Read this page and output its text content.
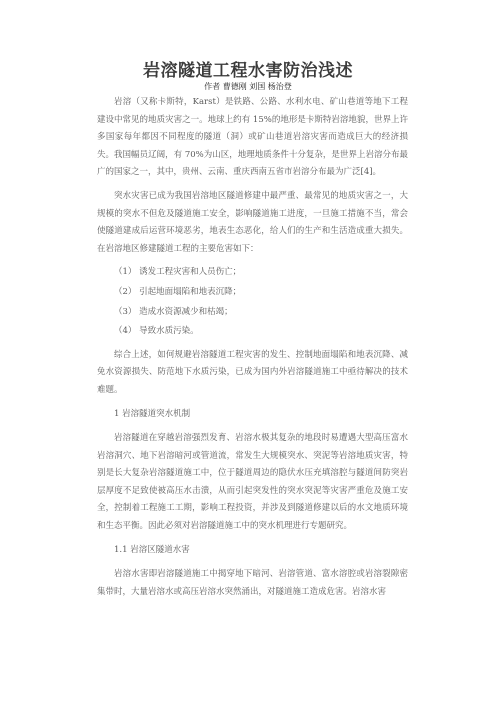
岩溶隧道工程水害防治浅述
作者 曹德刚 刘国 杨治登

岩溶（又称卡斯特，Karst）是铁路、公路、水利水电、矿山巷道等地下工程建设中常见的地质灾害之一。地球上约有 15%的地形是卡斯特岩溶地貌，世界上许多国家每年都因不同程度的隧道（洞）或矿山巷道岩溶灾害而造成巨大的经济损失。我国幅员辽阔，有 70%为山区，地理地质条件十分复杂，是世界上岩溶分布最广的国家之一，其中，贵州、云南、重庆西南五省市岩溶分布最为广泛[4]。

突水灾害已成为我国岩溶地区隧道修建中最严重、最常见的地质灾害之一，大规模的突水不但危及隧道施工安全，影响隧道施工进度，一旦施工措施不当，常会使隧道建成后运营环境恶劣，地表生态恶化，给人们的生产和生活造成重大损失。在岩溶地区修建隧道工程的主要危害如下：

（1） 诱发工程灾害和人员伤亡；

（2） 引起地面塌陷和地表沉降；

（3） 造成水资源减少和枯竭；

（4） 导致水质污染。

综合上述，如何规避岩溶隧道工程灾害的发生、控制地面塌陷和地表沉降、减免水资源损失、防范地下水质污染，已成为国内外岩溶隧道施工中亟待解决的技术难题。

1 岩溶隧道突水机制

岩溶隧道在穿越岩溶强烈发育、岩溶水极其复杂的地段时易遭遇大型高压富水岩溶洞穴、地下岩溶暗河或管道流，常发生大规模突水、突泥等岩溶地质灾害，特别是长大复杂岩溶隧道施工中，位于隧道周边的隐伏水压充填溶腔与隧道间防突岩层厚度不足致使被高压水击溃，从而引起突发性的突水突泥等灾害严重危及施工安全，控制着工程施工工期，影响工程投资，并涉及到隧道修建以后的水文地质环境和生态平衡。因此必须对岩溶隧道施工中的突水机理进行专题研究。

1.1 岩溶区隧道水害

岩溶水害即岩溶隧道施工中揭穿地下暗河、岩溶管道、富水溶腔或岩溶裂隙密集带时，大量岩溶水或高压岩溶水突然涌出，对隧道施工造成危害。岩溶水害
